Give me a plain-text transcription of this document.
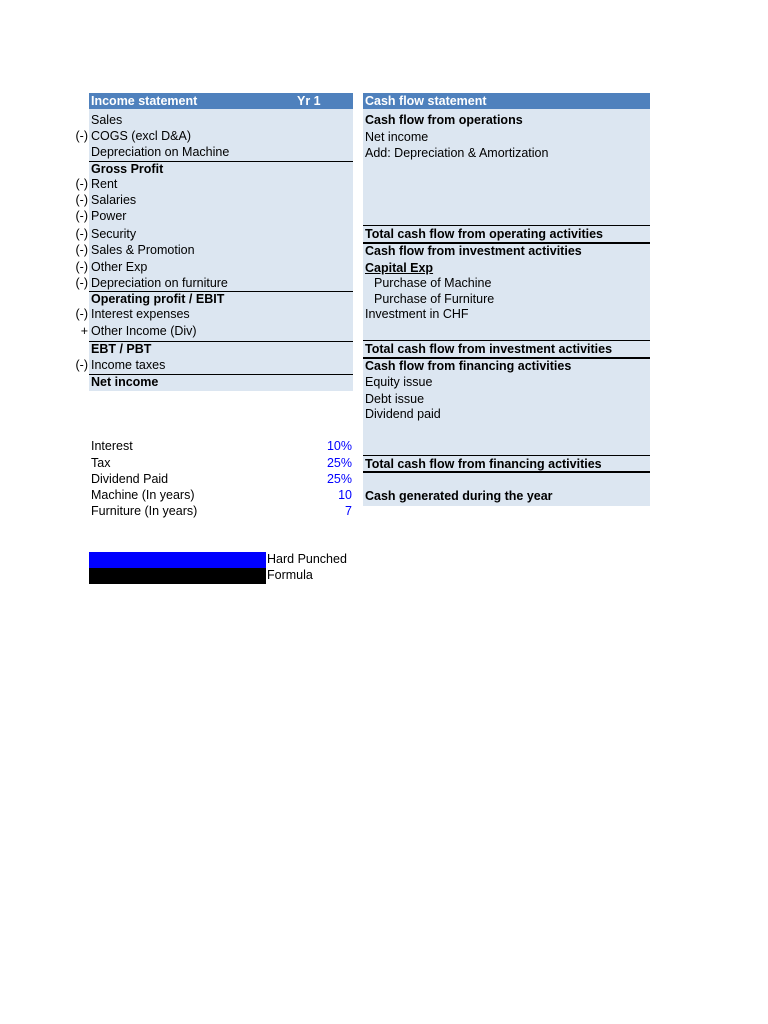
Income statement	Yr 1
Sales
(-) COGS (excl D&A)
Depreciation on Machine
Gross Profit
(-) Rent
(-) Salaries
(-) Power
(-) Security
(-) Sales & Promotion
(-) Other Exp
(-) Depreciation on furniture
Operating profit / EBIT
(-) Interest expenses
+ Other Income (Div)
EBT / PBT
(-) Income taxes
Net income
Cash flow statement
Cash flow from operations
Net income
Add: Depreciation & Amortization
Total cash flow from operating activities
Cash flow from investment activities
Capital Exp
Purchase of Machine
Purchase of Furniture
Investment in CHF
Total cash flow from investment activities
Cash flow from financing activities
Equity issue
Debt issue
Dividend paid
Total cash flow from financing activities
Cash generated during the year
Interest	10%
Tax	25%
Dividend Paid	25%
Machine (In years)	10
Furniture (In years)	7
Hard Punched
Formula
